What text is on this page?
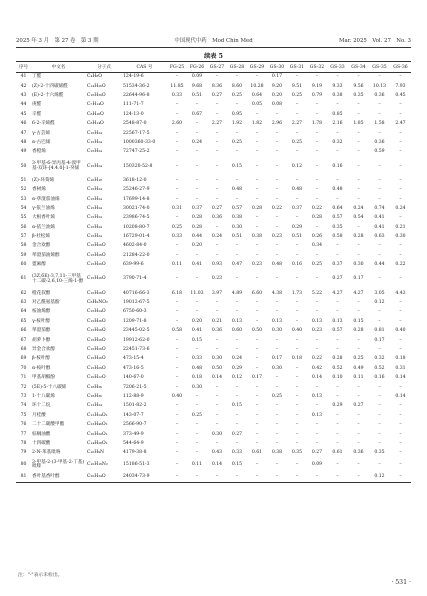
2025 年 3 月　第 27 卷　第 3 期	中国现代中药　Mod Chin Med	Mar. 2025　Vol. 27　No. 3
续表 5
序号	中文名	分子式	CAS 号	FG-25	FG-26	GS-27	GS-28	GS-29	GS-30	GS-31	GS-32	GS-33	GS-34	GS-35	GS-36
41	丁醛	C₄H₈O	124-19-6	–	0.09	–	–	–	0.17	–	–	–	–	–	–
42	(Z)-2-十四碳烯醛	C₁₄H₂₆O	51534-36-2	11.85	9.68	8.36	8.60	10.28	9.20	9.51	9.19	9.33	9.56	10.13	7.93
43	(E)-2-十六烯醛	C₁₆H₃₀O	22644-96-8	0.33	0.51	0.27	0.25	0.64	0.20	0.25	0.79	0.38	0.35	0.36	0.45
44	庚醛	C₇H₁₄O	111-71-7	–	–	–	–	0.05	0.08	–	–	–	–	–	–
45	辛醛	C₈H₁₆O	124-13-0	–	0.67	–	0.95	–	–	–	–	0.85	–	–	–
46	6-2-辛烯醛	C₈H₁₄O	2548-87-0	2.60	–	2.27	1.92	1.82	2.96	2.27	1.78	2.16	1.85	1.58	2.47
47	γ-古芸烯	C₁₅H₂₄	22567-17-5	–	–	–	–	–	–	–	–	–	–	–	–
48	α-古巴烯	C₁₅H₂₄	1000360-33-0	–	0.24	–	0.25	–	–	0.25	–	0.32	–	0.36	–
49	香橙烯	C₁₅H₂₄	72747-25-2	–	–	–	–	–	–	–	–	–	–	0.59	–
50	3-甲基-6-异丙基-4-溴甲基-双环-[4.4.0]-1-癸烯	C₁₅H₂₄	150320-52-8	–	–	–	0.15	–	–	0.12	–	0.16	–	–	–
51	(Z)-环葵烯	C₁₀H₁₈	3618-12-0	–	–	–	–	–	–	–	–	–	–	–	–
52	香树烯	C₁₅H₂₄	25246-27-9	–	–	–	0.48	–	–	0.48	–	0.48	–	–	–
53	α-荜澄茄油烯	C₁₅H₂₄	17699-14-8	–	–	–	–	–	–	–	–	–	–	–	–
54	γ-依兰油烯	C₁₅H₂₄	30021-74-0	0.31	0.37	0.27	0.57	0.28	0.22	0.37	0.22	0.64	0.24	0.74	0.24
55	大根香叶烯	C₁₅H₂₄	23986-74-5	–	0.28	0.36	0.38	–	–	–	0.28	0.57	0.54	0.41	–
56	α-依兰油烯	C₁₅H₂₄	10208-80-7	0.25	0.28	–	0.30	–	–	0.29	–	0.35	–	0.41	0.21
57	β-杜松烯	C₁₅H₂₄	16729-01-4	0.33	0.44	0.24	0.51	0.38	0.23	0.51	0.26	0.58	0.28	0.63	0.30
58	金合欢醇	C₁₅H₂₆O	4602-84-0	–	0.20	–	–	–	–	–	0.34	–	–	–	–
59	荜澄茄油烯醇	C₁₅H₂₆O	21284-22-0	–	–	–	–	–	–	–	–	–	–	–	–
60	蓖麻醇	C₁₅H₂₆O	639-99-6	0.11	0.41	0.93	0.47	0.23	0.48	0.16	0.25	0.37	0.30	0.44	0.22
61	(3Z,6E)-3,7,11-三甲基十二碳-2,6,10-三烯-1-醇	C₁₅H₂₆O	3790-71-4	–	–	0.23	–	–	–	–	–	0.27	0.17	–	–
62	橙花叔醇	C₁₅H₂₆O	40716-66-3	6.18	11.03	3.97	4.89	6.60	4.38	1.73	5.22	4.27	4.27	3.05	4.43
63	对乙酰氨基酚	C₈H₉NO₂	19012-67-5	–	–	–	–	–	–	–	–	–	–	0.12	–
64	桉油烯醇	C₁₅H₂₄O	6750-60-3	–	–	–	–	–	–	–	–	–	–	–	–
65	γ-桉叶醇	C₁₅H₂₆O	1209-71-8	–	0.20	0.21	0.13	–	0.13	–	0.13	0.13	0.15	–	–
66	荜澄茄醇	C₁₅H₂₆O	23445-02-5	0.58	0.41	0.36	0.60	0.50	0.30	0.40	0.23	0.57	0.28	0.81	0.40
67	胡萝卜醇	C₁₅H₂₆O	19912-62-0	–	0.15	–	–	–	–	–	–	–	–	0.17	–
68	异金合欢醇	C₁₅H₂₆O	22451-73-6	–	–	–	–	–	–	–	–	–	–	–	–
69	β-桉叶醇	C₁₅H₂₆O	473-15-4	–	0.33	0.30	0.24	–	0.17	0.18	0.22	0.28	0.25	0.32	0.18
70	α-桉叶醇	C₁₅H₂₆O	473-16-5	–	0.48	0.50	0.29	–	0.30	–	0.42	0.52	0.49	0.52	0.31
71	甲基胡椒酚	C₁₀H₁₂O	140-67-0	–	0.18	0.14	0.12	0.17	–	–	0.14	0.10	0.11	0.16	0.14
72	(5E)-5-十八碳烯	C₁₈H₃₆	7206-21-5	–	0.30	–	–	–	–	–	–	–	–	–	–
73	1-十八碳烯	C₁₈H₃₆	112-88-9	0.40	–	–	–	–	0.25	–	0.13	–	–	–	0.14
74	环十二烷	C₁₂H₂₄	1501-82-2	–	–	–	0.15	–	–	–	–	0.29	0.27	–	–
75	月桂酸	C₁₂H₂₄O₂	143-07-7	–	0.25	–	–	–	–	–	0.13	–	–	–	–
76	二十二碳酸甲酯	C₂₃H₄₆O₂	2566-90-7	–	–	–	–	–	–	–	–	–	–	–	–
77	棕榈油酸	C₁₆H₃₀O₂	373-49-9	–	–	0.30	0.27	–	–	–	–	–	–	–	–
78	十四碳酸	C₁₄H₂₈O₂	544-64-9	–	–	–	–	–	–	–	–	–	–	–	–
79	2-N-苯基吡咯	C₁₀H₉N	4179-38-8	–	–	0.43	0.33	0.61	0.38	0.35	0.27	0.61	0.36	0.35	–
80	3-甲基-2-(3-甲基-2-丁基)吡嗪	C₁₀H₁₆N₂	15186-51-3	–	0.11	0.14	0.15	–	–	–	0.09	–	–	–	–
81	香叶基香叶醇	C₂₀H₃₄O	24034-73-9	–	–	–	–	–	–	–	–	–	–	0.12	–
注："-"表示未检出。
· 531 ·
